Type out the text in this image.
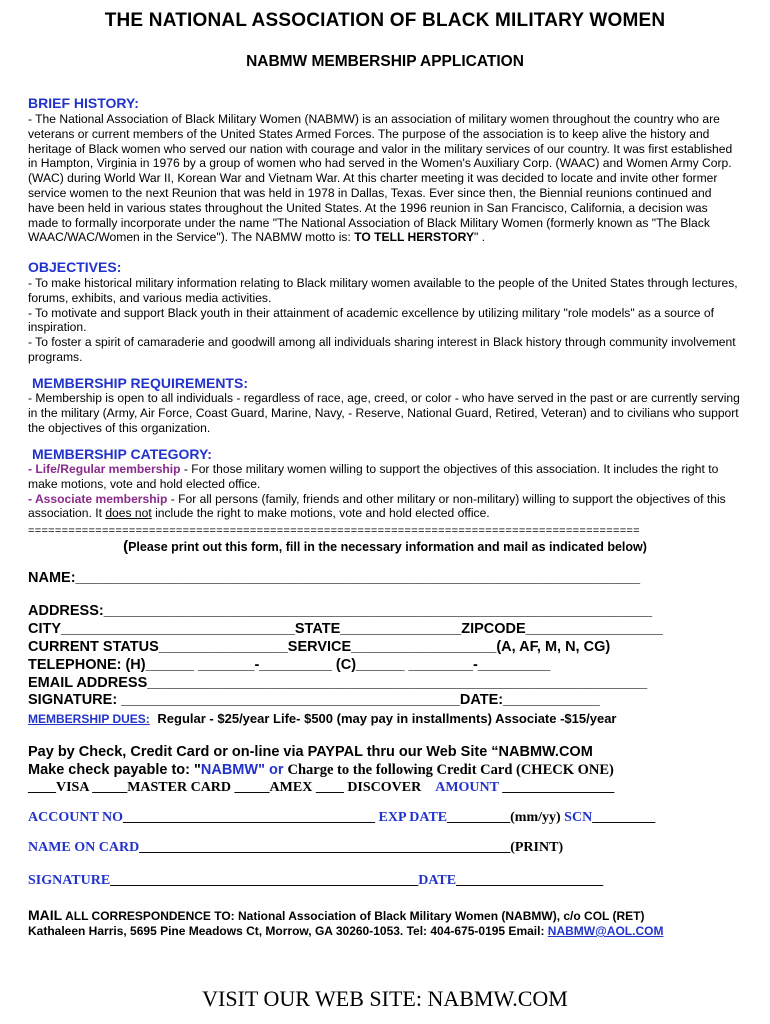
THE NATIONAL ASSOCIATION OF BLACK MILITARY WOMEN
NABMW MEMBERSHIP APPLICATION
BRIEF HISTORY:

- The National Association of Black Military Women (NABMW) is an association of military women throughout the country who are veterans or current members of the United States Armed Forces. The purpose of the association is to keep alive the history and heritage of Black women who served our nation with courage and valor in the military services of our country. It was first established in Hampton, Virginia in 1976 by a group of women who had served in the Women's Auxiliary Corp. (WAAC) and Women Army Corp. (WAC) during World War II, Korean War and Vietnam War. At this charter meeting it was decided to locate and invite other former service women to the next Reunion that was held in 1978 in Dallas, Texas. Ever since then, the Biennial reunions continued and have been held in various states throughout the United States. At the 1996 reunion in San Francisco, California, a decision was made to formally incorporate under the name "The National Association of Black Military Women (formerly known as "The Black WAAC/WAC/Women in the Service"). The NABMW motto is: TO TELL HERSTORY" .

OBJECTIVES:

- To make historical military information relating to Black military women available to the people of the United States through lectures, forums, exhibits, and various media activities.

- To motivate and support Black youth in their attainment of academic excellence by utilizing military "role models" as a source of inspiration.

- To foster a spirit of camaraderie and goodwill among all individuals sharing interest in Black history through community involvement programs.

MEMBERSHIP REQUIREMENTS:

- Membership is open to all individuals - regardless of race, age, creed, or color - who have served in the past or are currently serving in the military (Army, Air Force, Coast Guard, Marine, Navy, - Reserve, National Guard, Retired, Veteran) and to civilians who support the objectives of this organization.

MEMBERSHIP CATEGORY:

- Life/Regular membership - For those military women willing to support the objectives of this association. It includes the right to make motions, vote and hold elected office.

- Associate membership - For all persons (family, friends and other military or non-military) willing to support the objectives of this association. It does not include the right to make motions, vote and hold elected office.

===========================================================================================
(Please print out this form, fill in the necessary information and mail as indicated below)
NAME:______________________________________________________________________
ADDRESS:____________________________________________________________________
CITY_____________________________STATE_______________ZIPCODE_________________
CURRENT STATUS________________SERVICE__________________(A, AF, M, N, CG)
TELEPHONE: (H)______ _______-_________ (C)______ ________-_________
EMAIL ADDRESS______________________________________________________________
SIGNATURE: __________________________________________DATE:____________
MEMBERSHIP DUES: Regular - $25/year Life- $500 (may pay in installments) Associate -$15/year
Pay by Check, Credit Card or on-line via PAYPAL thru our Web Site “NABMW.COM
Make check payable to: "NABMW" or Charge to the following Credit Card (CHECK ONE)
____VISA _____MASTER CARD _____AMEX ____ DISCOVER AMOUNT ________________
ACCOUNT NO____________________________________ EXP DATE_________(mm/yy) SCN_________
NAME ON CARD_____________________________________________________(PRINT)
SIGNATURE____________________________________________DATE_____________________
MAIL ALL CORRESPONDENCE TO: National Association of Black Military Women (NABMW), c/o COL (RET)
Kathaleen Harris, 5695 Pine Meadows Ct, Morrow, GA 30260-1053. Tel: 404-675-0195 Email: NABMW@AOL.COM
VISIT OUR WEB SITE: NABMW.COM
